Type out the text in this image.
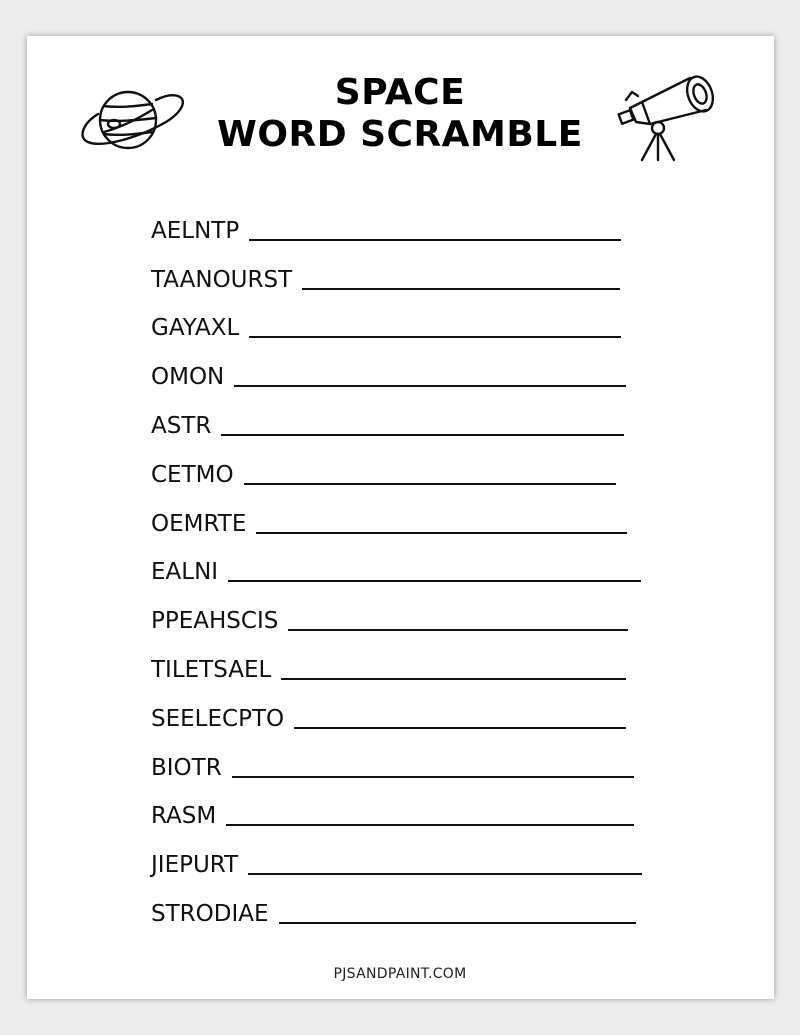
SPACE
WORD SCRAMBLE
AELNTP
TAANOURST
GAYAXL
OMON
ASTR
CETMO
OEMRTE
EALNI
PPEAHSCIS
TILETSAEL
SEELECPTO
BIOTR
RASM
JIEPURT
STRODIAE
PJSANDPAINT.COM
